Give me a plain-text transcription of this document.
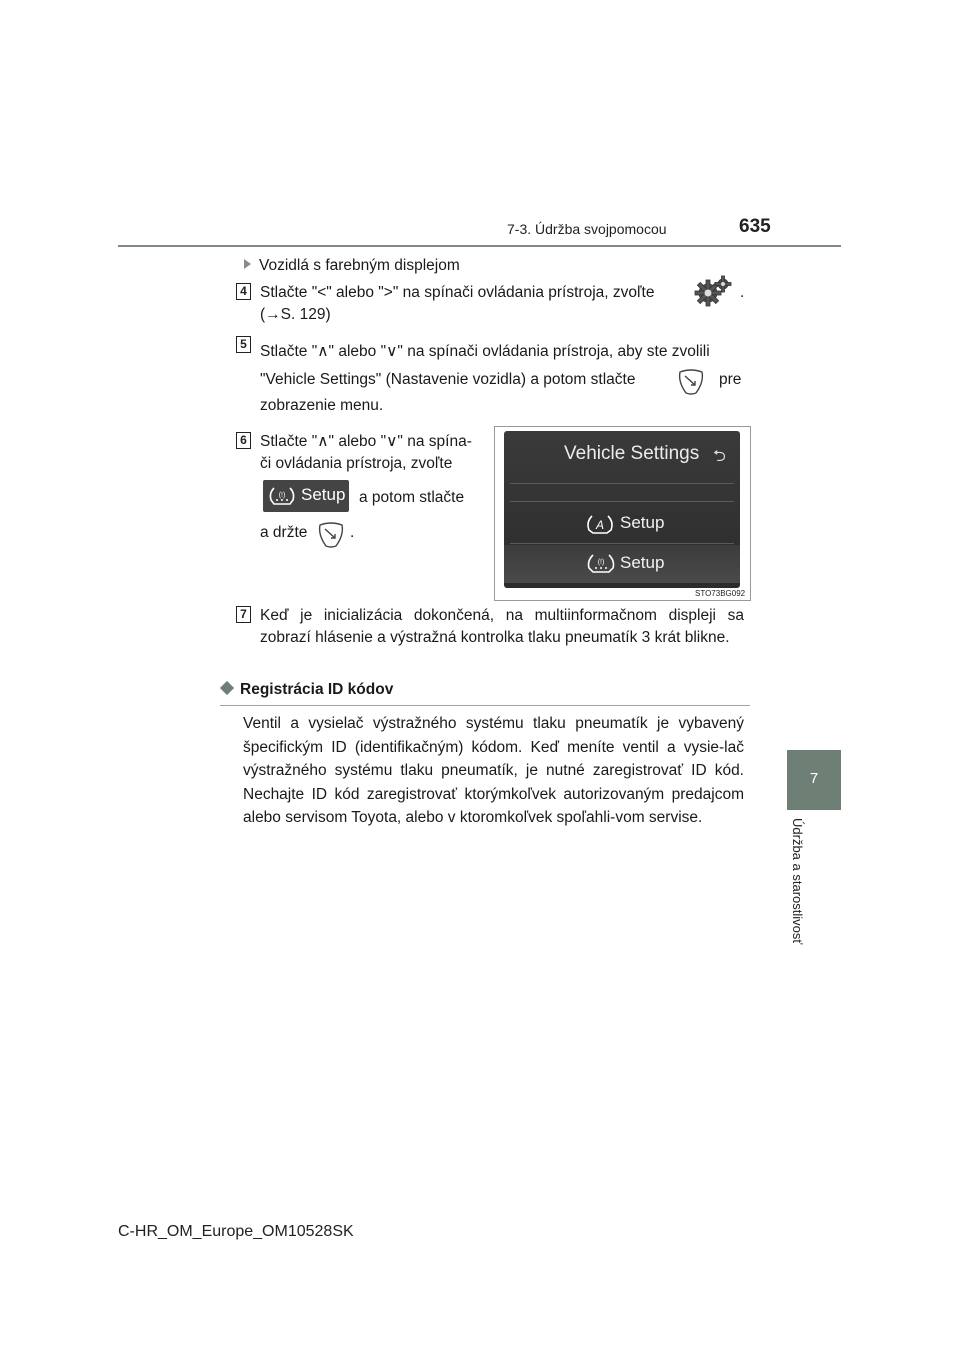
7-3. Údržba svojpomocou	635
7
Údržba a starostlivosť
Vozidlá s farebným displejom
4 Stlačte "<" alebo ">" na spínači ovládania prístroja, zvoľte	.
(→S. 129)
5 Stlačte "∧" alebo "∨" na spínači ovládania prístroja, aby ste zvolili
"Vehicle Settings" (Nastavenie vozidla) a potom stlačte	pre
zobrazenie menu.
6 Stlačte "∧" alebo "∨" na spína-
či ovládania prístroja, zvoľte
(!) Setup a potom stlačte
a držte	.
Vehicle Settings ⮌
A Setup
(!) Setup
STO73BG092
7 Keď je inicializácia dokončená, na multiinformačnom displeji sa zobrazí hlásenie a výstražná kontrolka tlaku pneumatík 3 krát blikne.
Registrácia ID kódov
Ventil a vysielač výstražného systému tlaku pneumatík je vybavený špecifickým ID (identifikačným) kódom. Keď meníte ventil a vysie-lač výstražného systému tlaku pneumatík, je nutné zaregistrovať ID kód. Nechajte ID kód zaregistrovať ktorýmkoľvek autorizovaným predajcom alebo servisom Toyota, alebo v ktoromkoľvek spoľahli-vom servise.
C-HR_OM_Europe_OM10528SK
